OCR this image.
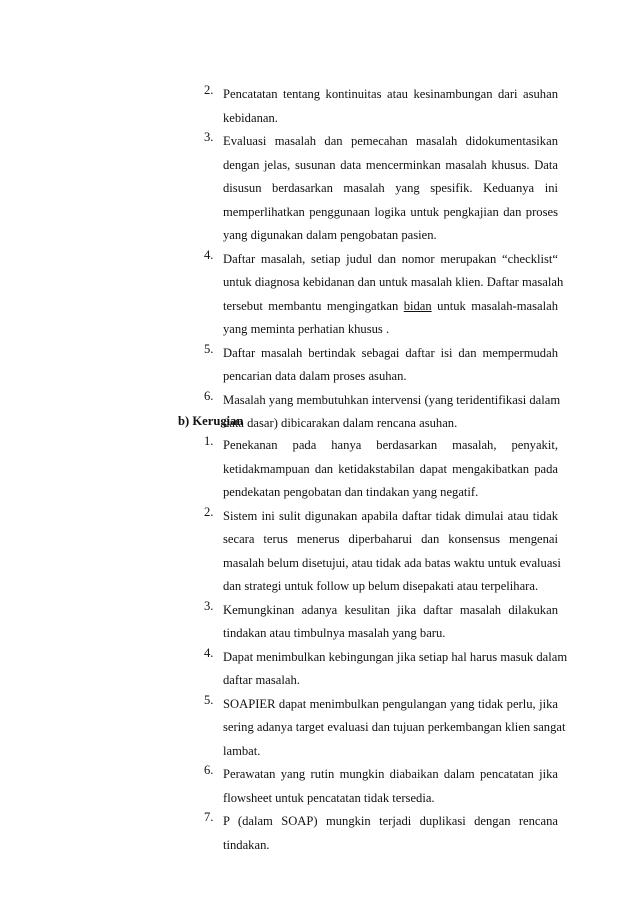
2. Pencatatan tentang kontinuitas atau kesinambungan dari asuhan
kebidanan.
3. Evaluasi masalah dan pemecahan masalah didokumentasikan
dengan jelas, susunan data mencerminkan masalah khusus. Data
disusun berdasarkan masalah yang spesifik. Keduanya ini
memperlihatkan penggunaan logika untuk pengkajian dan proses
yang digunakan dalam pengobatan pasien.
4. Daftar masalah, setiap judul dan nomor merupakan “checklist“
untuk diagnosa kebidanan dan untuk masalah klien. Daftar masalah
tersebut membantu mengingatkan bidan untuk masalah-masalah
yang meminta perhatian khusus .
5. Daftar masalah bertindak sebagai daftar isi dan mempermudah
pencarian data dalam proses asuhan.
6. Masalah yang membutuhkan intervensi (yang teridentifikasi dalam
data dasar) dibicarakan dalam rencana asuhan.
b) Kerugian
1. Penekanan pada hanya berdasarkan masalah, penyakit,
ketidakmampuan dan ketidakstabilan dapat mengakibatkan pada
pendekatan pengobatan dan tindakan yang negatif.
2. Sistem ini sulit digunakan apabila daftar tidak dimulai atau tidak
secara terus menerus diperbaharui dan konsensus mengenai
masalah belum disetujui, atau tidak ada batas waktu untuk evaluasi
dan strategi untuk follow up belum disepakati atau terpelihara.
3. Kemungkinan adanya kesulitan jika daftar masalah dilakukan
tindakan atau timbulnya masalah yang baru.
4. Dapat menimbulkan kebingungan jika setiap hal harus masuk dalam
daftar masalah.
5. SOAPIER dapat menimbulkan pengulangan yang tidak perlu, jika
sering adanya target evaluasi dan tujuan perkembangan klien sangat
lambat.
6. Perawatan yang rutin mungkin diabaikan dalam pencatatan jika
flowsheet untuk pencatatan tidak tersedia.
7. P (dalam SOAP) mungkin terjadi duplikasi dengan rencana
tindakan.
